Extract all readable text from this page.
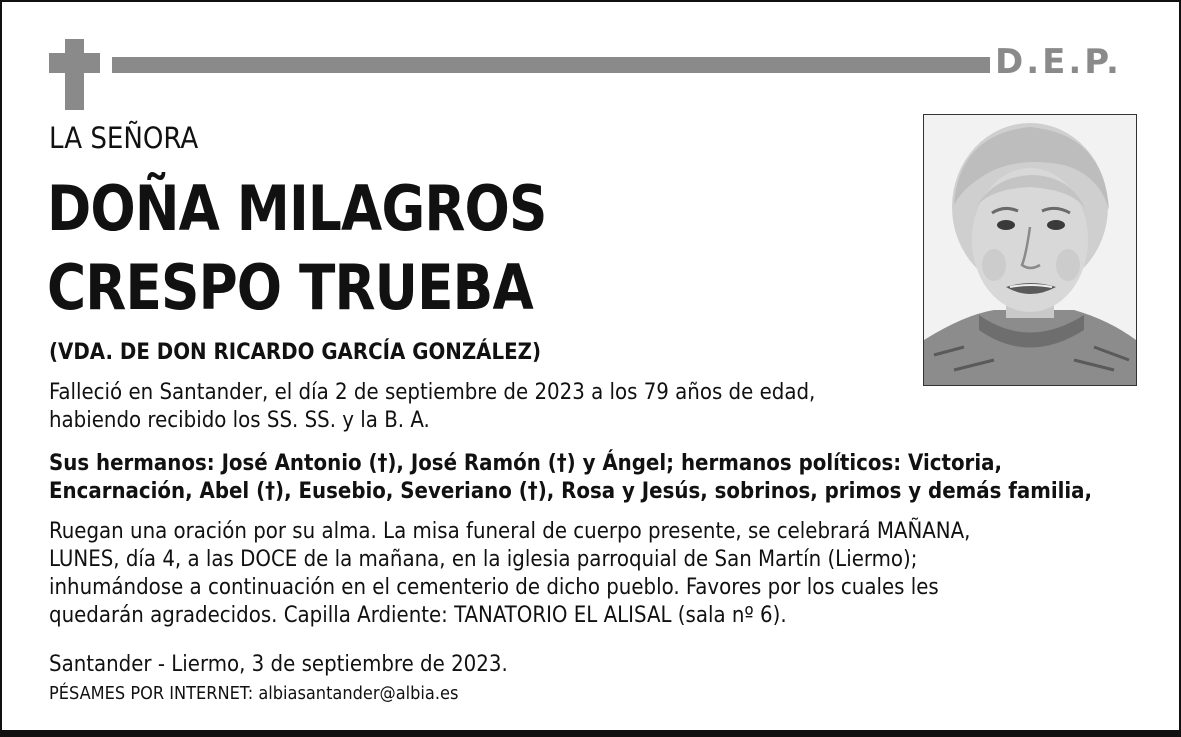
D.E.P.
LA SEÑORA
DOÑA MILAGROS
CRESPO TRUEBA
(VDA. DE DON RICARDO GARCÍA GONZÁLEZ)

Falleció en Santander, el día 2 de septiembre de 2023 a los 79 años de edad,
habiendo recibido los SS. SS. y la B. A.

Sus hermanos: José Antonio (†), José Ramón (†) y Ángel; hermanos políticos: Victoria,
Encarnación, Abel (†), Eusebio, Severiano (†), Rosa y Jesús, sobrinos, primos y demás familia,

Ruegan una oración por su alma. La misa funeral de cuerpo presente, se celebrará MAÑANA,
LUNES, día 4, a las DOCE de la mañana, en la iglesia parroquial de San Martín (Liermo);
inhumándose a continuación en el cementerio de dicho pueblo. Favores por los cuales les
quedarán agradecidos. Capilla Ardiente: TANATORIO EL ALISAL (sala nº 6).

Santander - Liermo, 3 de septiembre de 2023.
PÉSAMES POR INTERNET: albiasantander@albia.es
